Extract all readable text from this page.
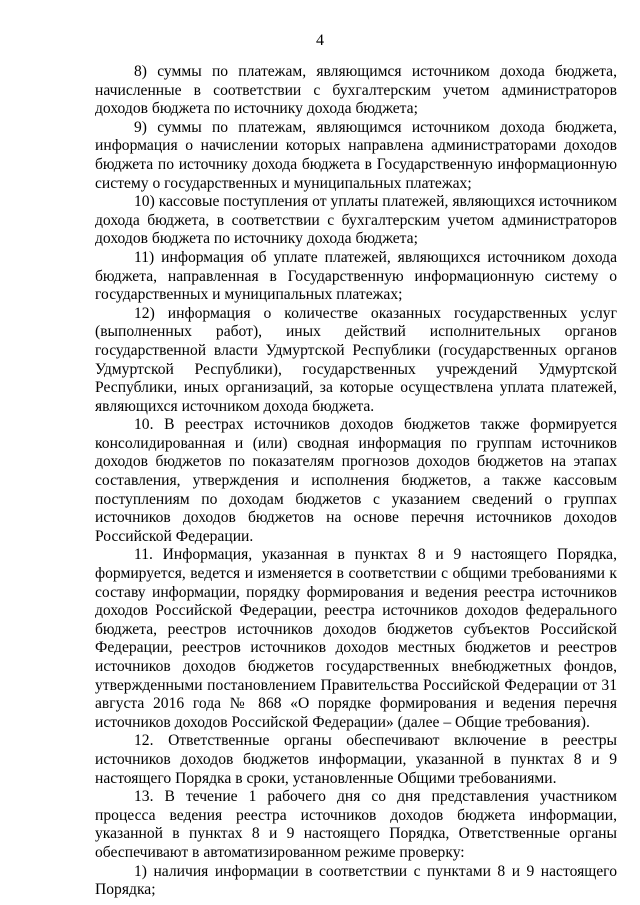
4

8) суммы по платежам, являющимся источником дохода бюджета, начисленные в соответствии с бухгалтерским учетом администраторов доходов бюджета по источнику дохода бюджета;

9) суммы по платежам, являющимся источником дохода бюджета, информация о начислении которых направлена администраторами доходов бюджета по источнику дохода бюджета в Государственную информационную систему о государственных и муниципальных платежах;

10) кассовые поступления от уплаты платежей, являющихся источником дохода бюджета, в соответствии с бухгалтерским учетом администраторов доходов бюджета по источнику дохода бюджета;

11) информация об уплате платежей, являющихся источником дохода бюджета, направленная в Государственную информационную систему о государственных и муниципальных платежах;

12) информация о количестве оказанных государственных услуг (выполненных работ), иных действий исполнительных органов государственной власти Удмуртской Республики (государственных органов Удмуртской Республики), государственных учреждений Удмуртской Республики, иных организаций, за которые осуществлена уплата платежей, являющихся источником дохода бюджета.

10. В реестрах источников доходов бюджетов также формируется консолидированная и (или) сводная информация по группам источников доходов бюджетов по показателям прогнозов доходов бюджетов на этапах составления, утверждения и исполнения бюджетов, а также кассовым поступлениям по доходам бюджетов с указанием сведений о группах источников доходов бюджетов на основе перечня источников доходов Российской Федерации.

11. Информация, указанная в пунктах 8 и 9 настоящего Порядка, формируется, ведется и изменяется в соответствии с общими требованиями к составу информации, порядку формирования и ведения реестра источников доходов Российской Федерации, реестра источников доходов федерального бюджета, реестров источников доходов бюджетов субъектов Российской Федерации, реестров источников доходов местных бюджетов и реестров источников доходов бюджетов государственных внебюджетных фондов, утвержденными постановлением Правительства Российской Федерации от 31 августа 2016 года № 868 «О порядке формирования и ведения перечня источников доходов Российской Федерации» (далее – Общие требования).

12. Ответственные органы обеспечивают включение в реестры источников доходов бюджетов информации, указанной в пунктах 8 и 9 настоящего Порядка в сроки, установленные Общими требованиями.

13. В течение 1 рабочего дня со дня представления участником процесса ведения реестра источников доходов бюджета информации, указанной в пунктах 8 и 9 настоящего Порядка, Ответственные органы обеспечивают в автоматизированном режиме проверку:

1) наличия информации в соответствии с пунктами 8 и 9 настоящего Порядка;
